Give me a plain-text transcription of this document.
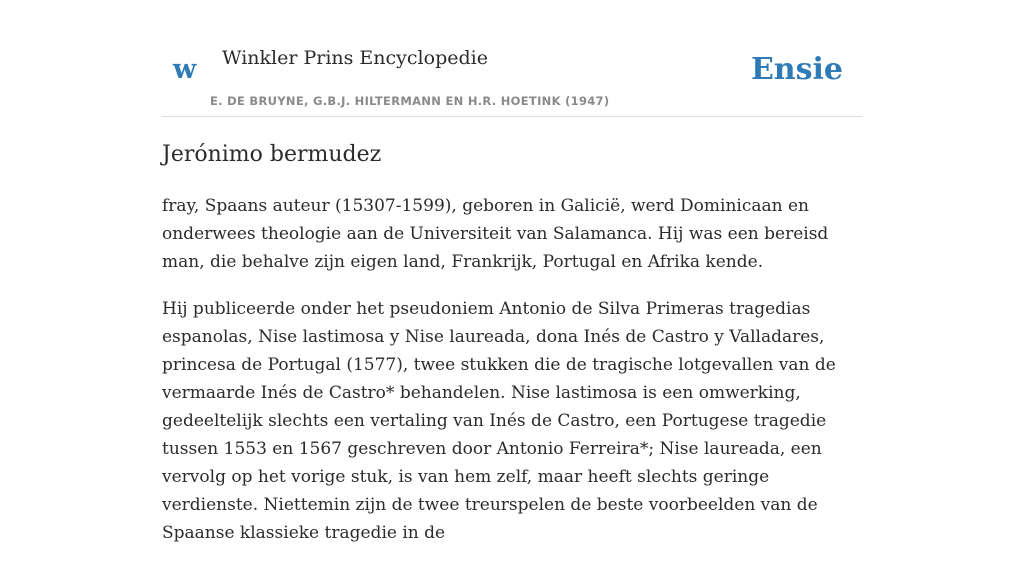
w Winkler Prins Encyclopedie
E. DE BRUYNE, G.B.J. HILTERMANN EN H.R. HOETINK (1947)
Ensie
Jerónimo bermudez

fray, Spaans auteur (15307-1599), geboren in Galicië, werd Dominicaan en onderwees theologie aan de Universiteit van Salamanca. Hij was een bereisd man, die behalve zijn eigen land, Frankrijk, Portugal en Afrika kende.

Hij publiceerde onder het pseudoniem Antonio de Silva Primeras tragedias espanolas, Nise lastimosa y Nise laureada, dona Inés de Castro y Valladares, princesa de Portugal (1577), twee stukken die de tragische lotgevallen van de vermaarde Inés de Castro* behandelen. Nise lastimosa is een omwerking, gedeeltelijk slechts een vertaling van Inés de Castro, een Portugese tragedie tussen 1553 en 1567 geschreven door Antonio Ferreira*; Nise laureada, een vervolg op het vorige stuk, is van hem zelf, maar heeft slechts geringe verdienste. Niettemin zijn de twee treurspelen de beste voorbeelden van de Spaanse klassieke tragedie in de
